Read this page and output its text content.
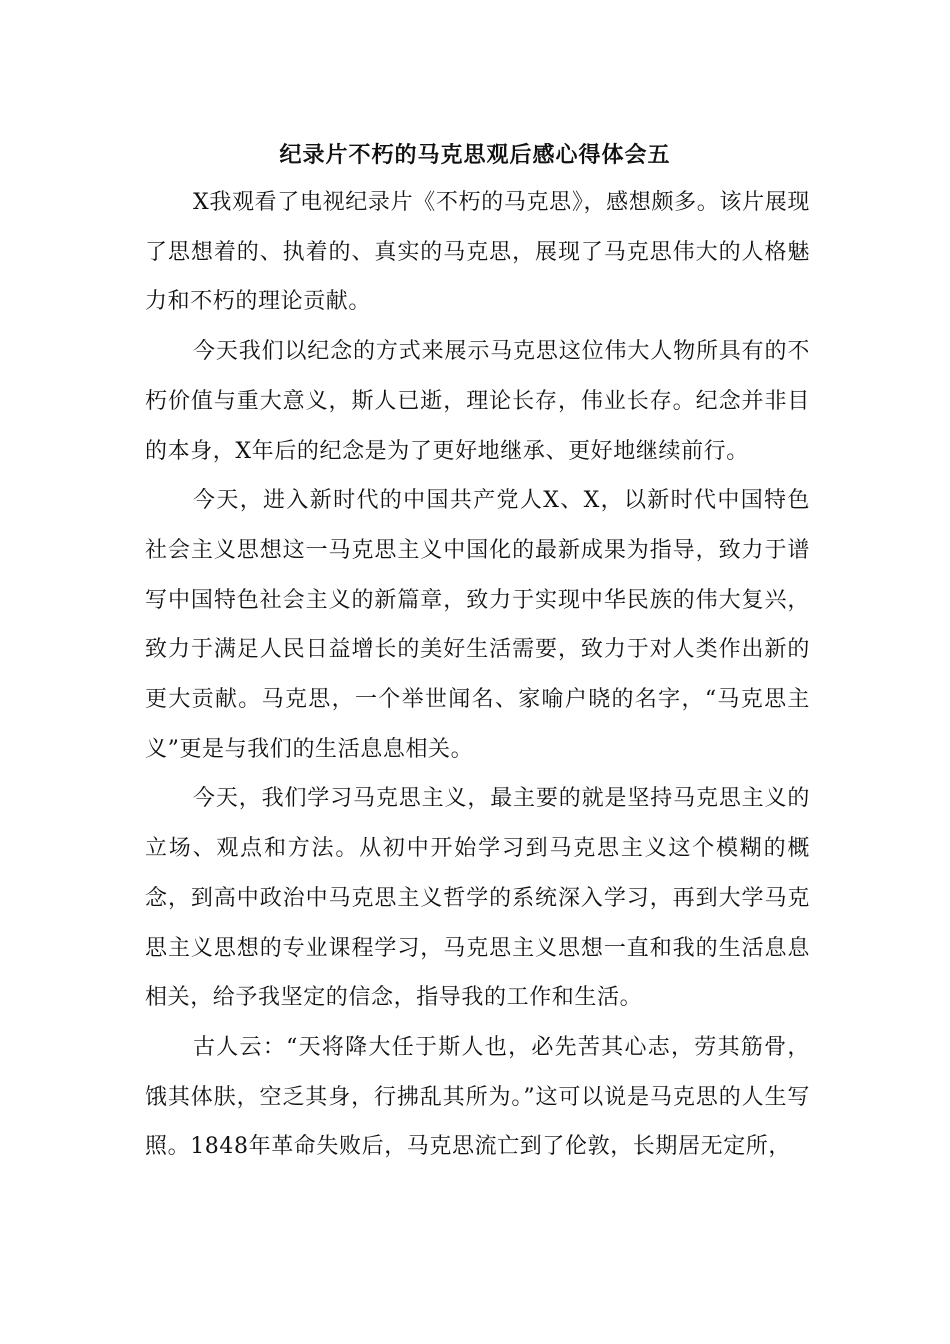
纪录片不朽的马克思观后感心得体会五

X我观看了电视纪录片《不朽的马克思》，感想颇多。该片展现了思想着的、执着的、真实的马克思，展现了马克思伟大的人格魅力和不朽的理论贡献。

今天我们以纪念的方式来展示马克思这位伟大人物所具有的不朽价值与重大意义，斯人已逝，理论长存，伟业长存。纪念并非目的本身，X年后的纪念是为了更好地继承、更好地继续前行。

今天，进入新时代的中国共产党人X、X，以新时代中国特色社会主义思想这一马克思主义中国化的最新成果为指导，致力于谱写中国特色社会主义的新篇章，致力于实现中华民族的伟大复兴，致力于满足人民日益增长的美好生活需要，致力于对人类作出新的更大贡献。马克思，一个举世闻名、家喻户晓的名字，“马克思主义”更是与我们的生活息息相关。

今天，我们学习马克思主义，最主要的就是坚持马克思主义的立场、观点和方法。从初中开始学习到马克思主义这个模糊的概念，到高中政治中马克思主义哲学的系统深入学习，再到大学马克思主义思想的专业课程学习，马克思主义思想一直和我的生活息息相关，给予我坚定的信念，指导我的工作和生活。

古人云：“天将降大任于斯人也，必先苦其心志，劳其筋骨，饿其体肤，空乏其身，行拂乱其所为。”这可以说是马克思的人生写照。1848年革命失败后，马克思流亡到了伦敦，长期居无定所，
